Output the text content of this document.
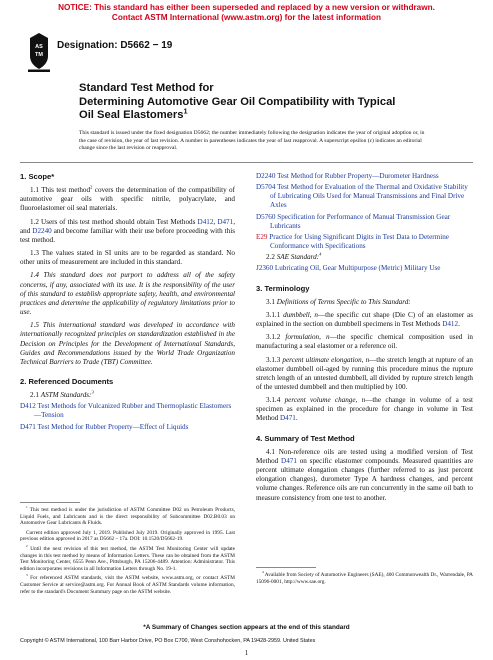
NOTICE: This standard has either been superseded and replaced by a new version or withdrawn.
Contact ASTM International (www.astm.org) for the latest information
AS
TM
Designation: D5662 − 19
Standard Test Method for
Determining Automotive Gear Oil Compatibility with Typical
Oil Seal Elastomers$^1$
This standard is issued under the fixed designation D5662; the number immediately following the designation indicates the year of original adoption or, in the case of revision, the year of last revision. A number in parentheses indicates the year of last reapproval. A superscript epsilon (ε) indicates an editorial change since the last revision or reapproval.

1. Scope*

1.1 This test method$^2$ covers the determination of the compatibility of automotive gear oils with specific nitrile, polyacrylate, and fluoroelastomer oil seal materials.

1.2 Users of this test method should obtain Test Methods D412, D471, and D2240 and become familiar with their use before proceeding with this test method.

1.3 The values stated in SI units are to be regarded as standard. No other units of measurement are included in this standard.

1.4 This standard does not purport to address all of the safety concerns, if any, associated with its use. It is the responsibility of the user of this standard to establish appropriate safety, health, and environmental practices and determine the applicability of regulatory limitations prior to use.

1.5 This international standard was developed in accordance with internationally recognized principles on standardization established in the Decision on Principles for the Development of International Standards, Guides and Recommendations issued by the World Trade Organization Technical Barriers to Trade (TBT) Committee.

2. Referenced Documents

2.1 ASTM Standards:$^3$

D412 Test Methods for Vulcanized Rubber and Thermoplastic Elastomers—Tension

D471 Test Method for Rubber Property—Effect of Liquids

$^1$ This test method is under the jurisdiction of ASTM Committee D02 on Petroleum Products, Liquid Fuels, and Lubricants and is the direct responsibility of Subcommittee D02.B0.03 on Automotive Gear Lubricants & Fluids.

Current edition approved July 1, 2019. Published July 2019. Originally approved in 1995. Last previous edition approved in 2017 as D5662 – 17a. DOI: 10.1520/D5662-19.

$^2$ Until the next revision of this test method, the ASTM Test Monitoring Center will update changes in this test method by means of Information Letters. These can be obtained from the ASTM Test Monitoring Center, 6555 Penn Ave., Pittsburgh, PA 15206-4489. Attention: Administrator. This edition incorporates revisions in all Information Letters through No. 19-1.

$^3$ For referenced ASTM standards, visit the ASTM website, www.astm.org, or contact ASTM Customer Service at service@astm.org. For Annual Book of ASTM Standards volume information, refer to the standard's Document Summary page on the ASTM website.

D2240 Test Method for Rubber Property—Durometer Hardness

D5704 Test Method for Evaluation of the Thermal and Oxidative Stability of Lubricating Oils Used for Manual Transmissions and Final Drive Axles

D5760 Specification for Performance of Manual Transmission Gear Lubricants

E29 Practice for Using Significant Digits in Test Data to Determine Conformance with Specifications

2.2 SAE Standard:$^4$

J2360 Lubricating Oil, Gear Multipurpose (Metric) Military Use

3. Terminology

3.1 Definitions of Terms Specific to This Standard:

3.1.1 dumbbell, n—the specific cut shape (Die C) of an elastomer as explained in the section on dumbbell specimens in Test Methods D412.

3.1.2 formulation, n—the specific chemical composition used in manufacturing a seal elastomer or a reference oil.

3.1.3 percent ultimate elongation, n—the stretch length at rupture of an elastomer dumbbell oil-aged by running this procedure minus the rupture stretch length of an untested dumbbell, all divided by rupture stretch length of the untested dumbbell and then multiplied by 100.

3.1.4 percent volume change, n—the change in volume of a test specimen as explained in the procedure for change in volume in Test Method D471.

4. Summary of Test Method

4.1 Non-reference oils are tested using a modified version of Test Method D471 on specific elastomer compounds. Measured quantities are percent ultimate elongation changes (further referred to as just percent elongation changes), durometer Type A hardness changes, and percent volume changes. Reference oils are run concurrently in the same oil bath to measure consistency from one test to another.

$^4$ Available from Society of Automotive Engineers (SAE), 400 Commonwealth Dr., Warrendale, PA 15096-0001, http://www.sae.org.

*A Summary of Changes section appears at the end of this standard
Copyright © ASTM International, 100 Barr Harbor Drive, PO Box C700, West Conshohocken, PA 19428-2959. United States
1
